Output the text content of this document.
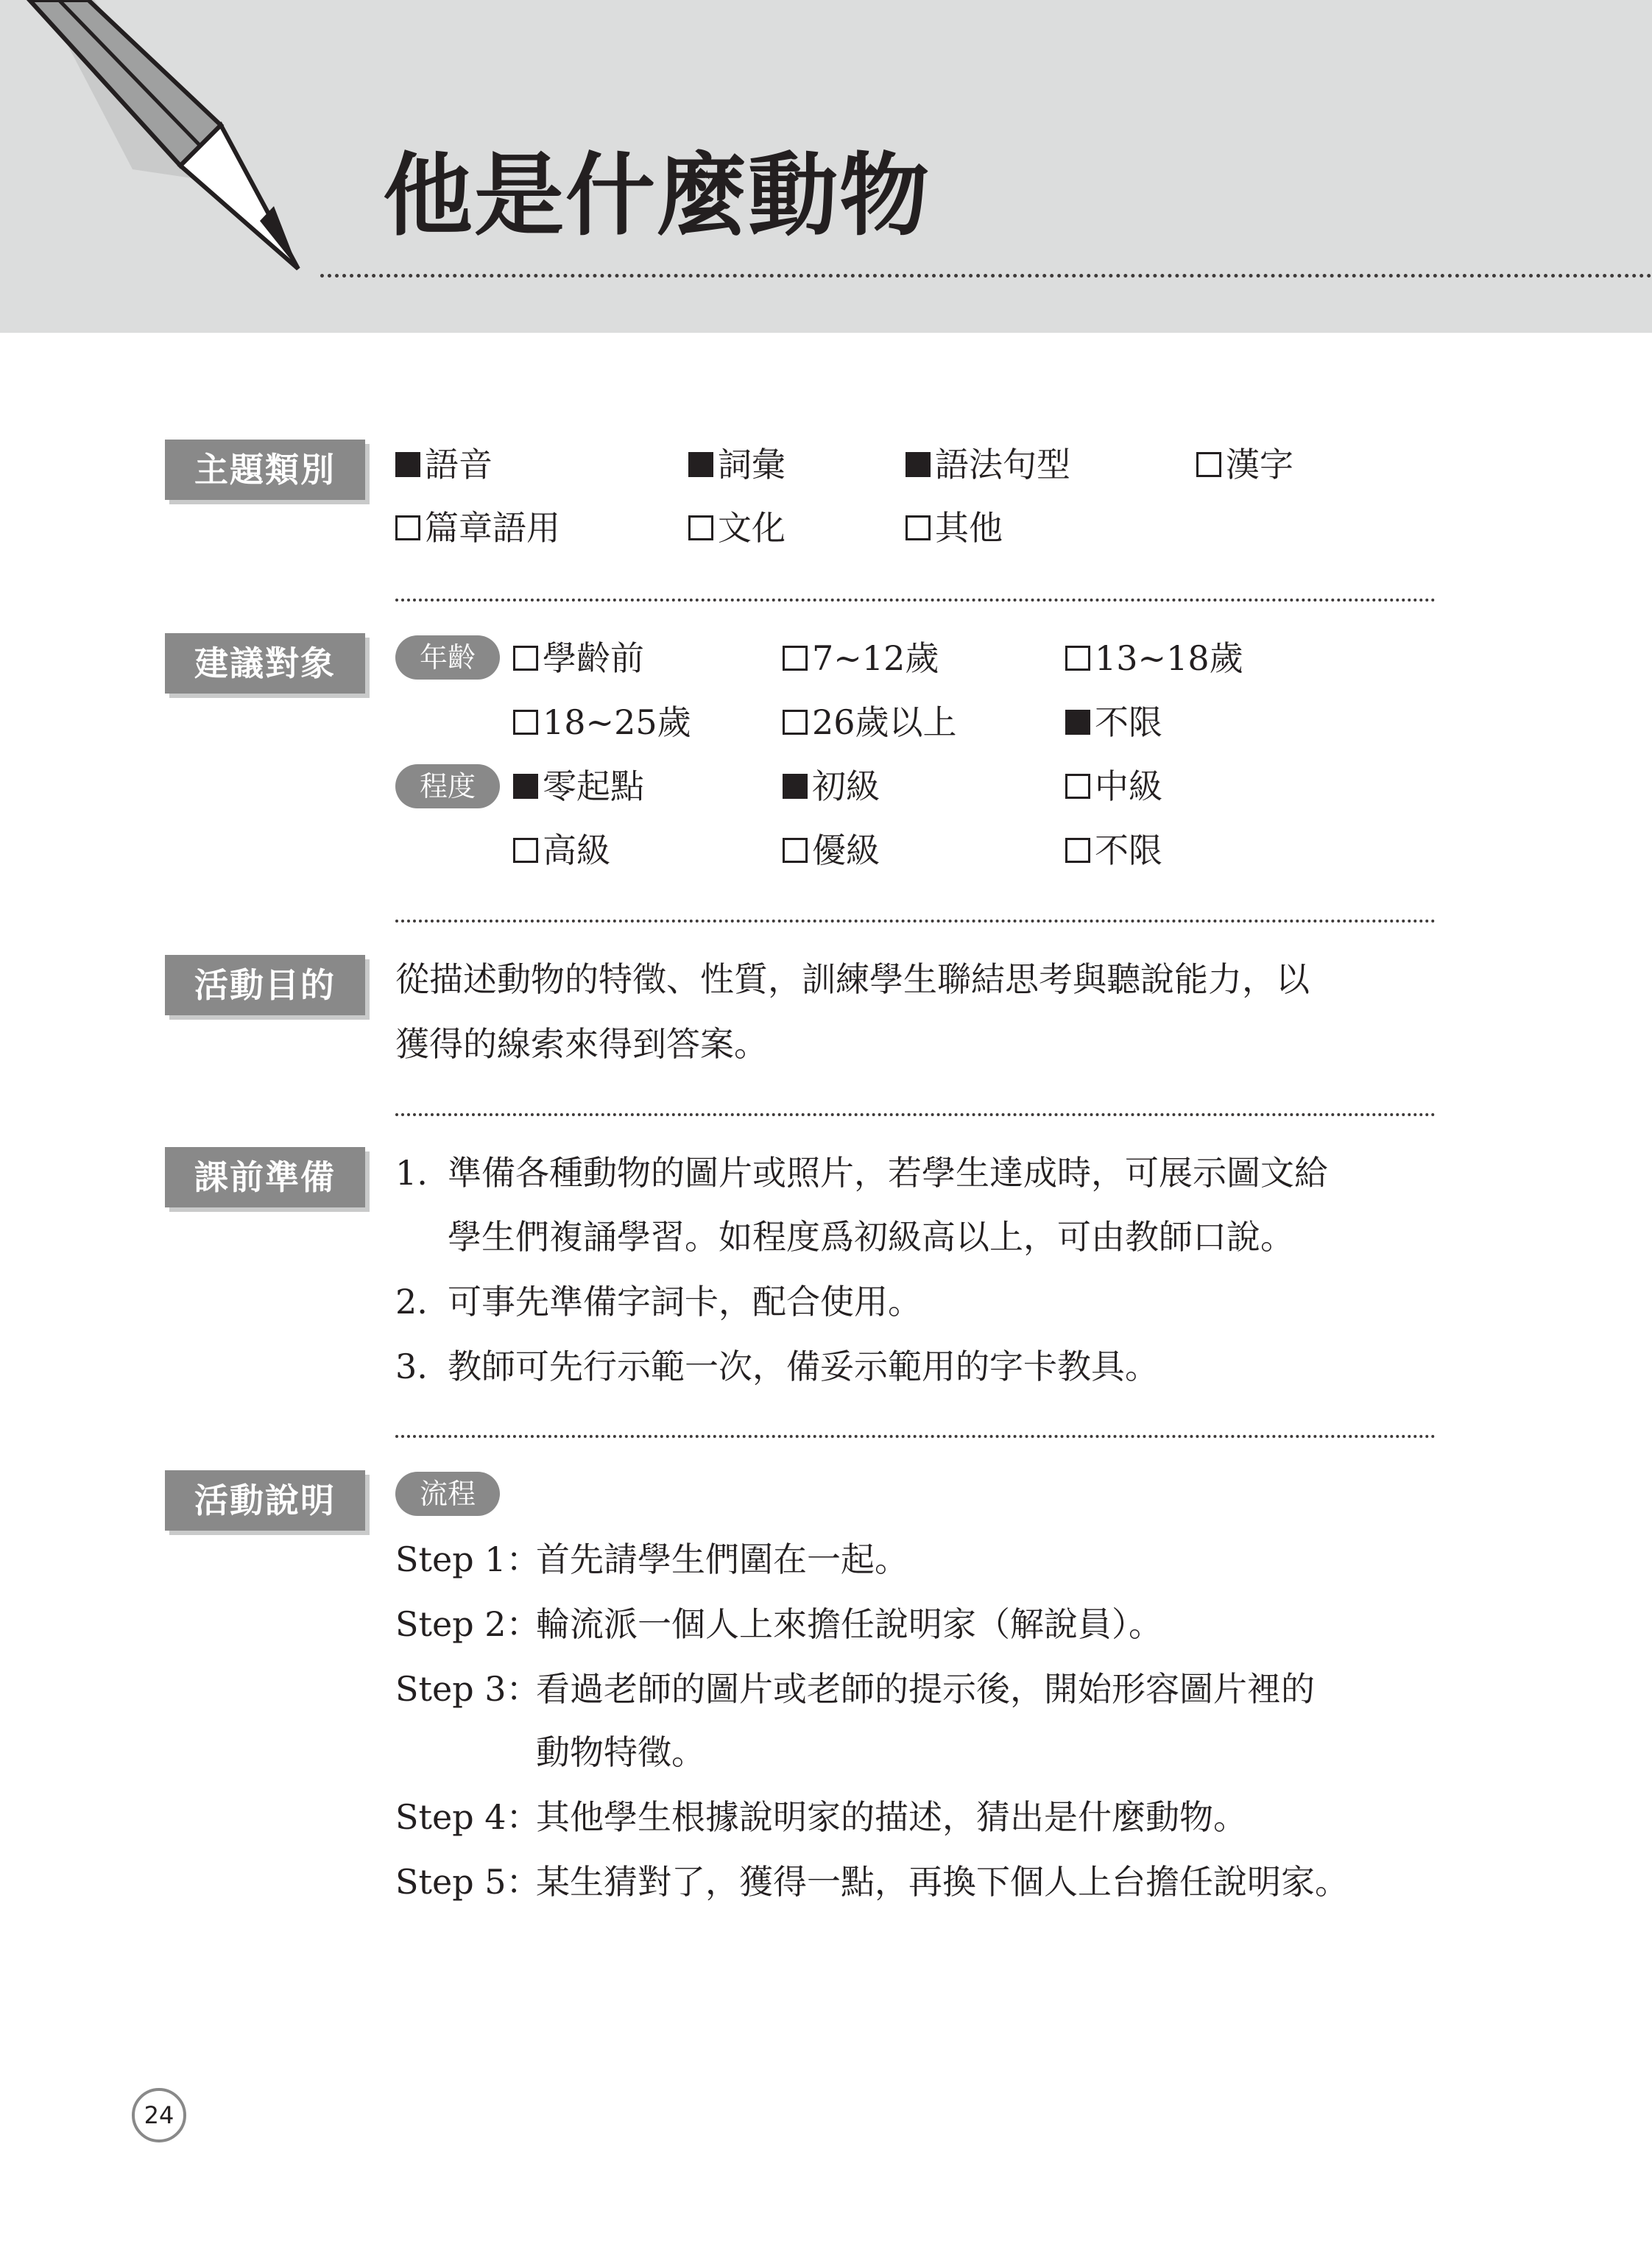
他是什麼動物
主題類別	語音	詞彙	語法句型	漢字
篇章語用	文化	其他
建議對象	年齡	學齡前	7~12歲	13~18歲
18~25歲	26歲以上	不限
程度	零起點	初級	中級
高級	優級	不限
活動目的	從描述動物的特徵、性質，訓練學生聯結思考與聽說能力，以
獲得的線索來得到答案。
課前準備	1. 準備各種動物的圖片或照片，若學生達成時，可展示圖文給
學生們複誦學習。如程度爲初級高以上，可由教師口說。
2. 可事先準備字詞卡，配合使用。
3. 教師可先行示範一次，備妥示範用的字卡教具。
活動說明	流程
Step 1：
首先請學生們圍在一起。
Step 2：
輪流派一個人上來擔任說明家（解說員）。
Step 3：
看過老師的圖片或老師的提示後，開始形容圖片裡的
動物特徵。
Step 4：
其他學生根據說明家的描述，猜出是什麼動物。
Step 5：
某生猜對了，獲得一點，再換下個人上台擔任說明家。
24
